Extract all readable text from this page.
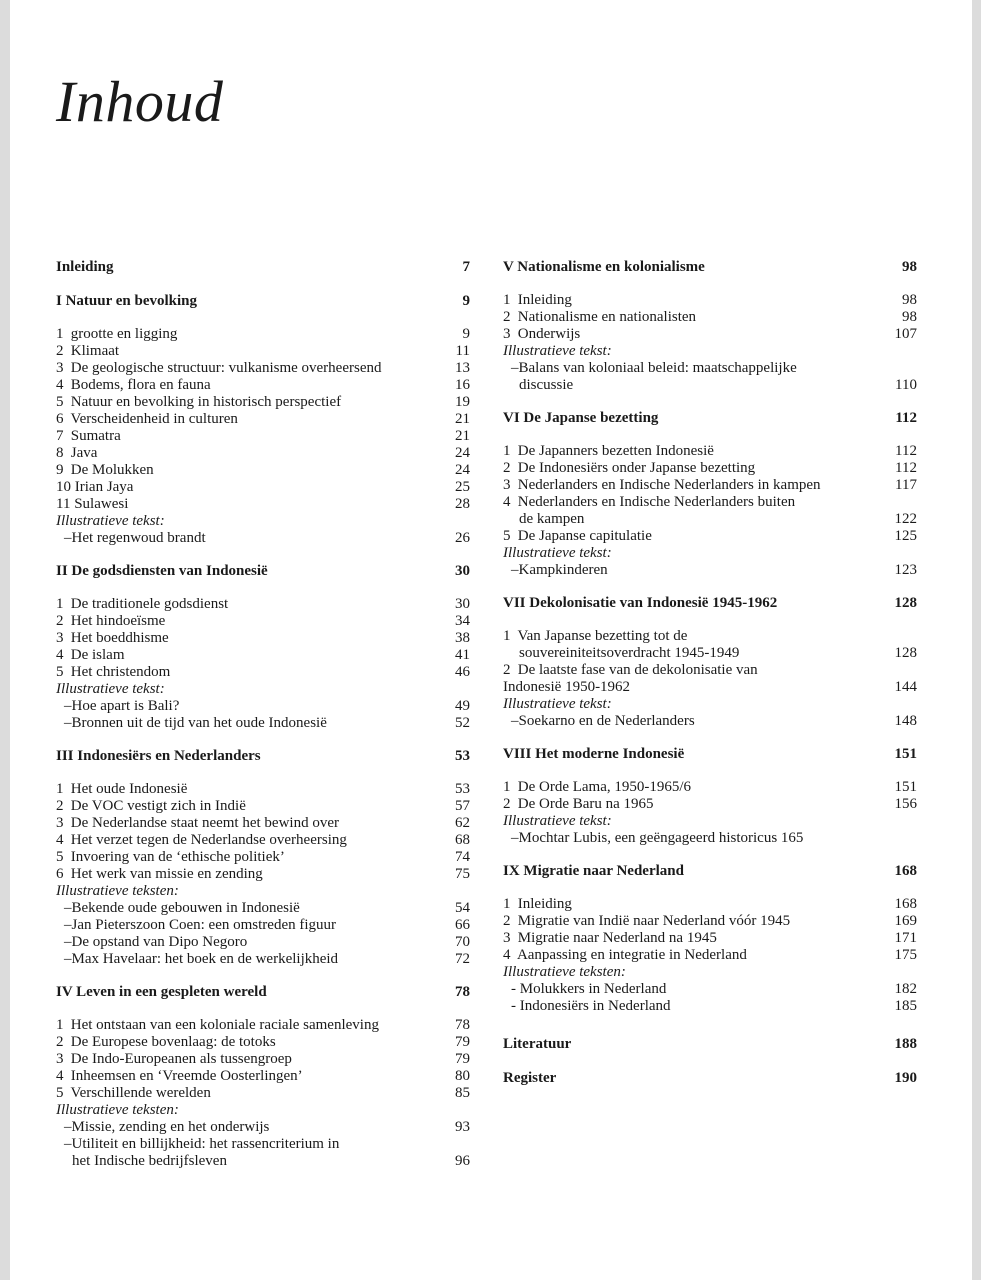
Inhoud
Inleiding	7
I Natuur en bevolking	9
1 grootte en ligging	9
2 Klimaat	11
3 De geologische structuur: vulkanisme overheersend	13
4 Bodems, flora en fauna	16
5 Natuur en bevolking in historisch perspectief	19
6 Verscheidenheid in culturen	21
7 Sumatra	21
8 Java	24
9 De Molukken	24
10 Irian Jaya	25
11 Sulawesi	28
Illustratieve tekst:
–Het regenwoud brandt	26
II De godsdiensten van Indonesië	30
1 De traditionele godsdienst	30
2 Het hindoeïsme	34
3 Het boeddhisme	38
4 De islam	41
5 Het christendom	46
Illustratieve tekst:
–Hoe apart is Bali?	49
–Bronnen uit de tijd van het oude Indonesië	52
III Indonesiërs en Nederlanders	53
1 Het oude Indonesië	53
2 De VOC vestigt zich in Indië	57
3 De Nederlandse staat neemt het bewind over	62
4 Het verzet tegen de Nederlandse overheersing	68
5 Invoering van de ‘ethische politiek’	74
6 Het werk van missie en zending	75
Illustratieve teksten:
–Bekende oude gebouwen in Indonesië	54
–Jan Pieterszoon Coen: een omstreden figuur	66
–De opstand van Dipo Negoro	70
–Max Havelaar: het boek en de werkelijkheid	72
IV Leven in een gespleten wereld	78
1 Het ontstaan van een koloniale raciale samenleving	78
2 De Europese bovenlaag: de totoks	79
3 De Indo-Europeanen als tussengroep	79
4 Inheemsen en ‘Vreemde Oosterlingen’	80
5 Verschillende werelden	85
Illustratieve teksten:
–Missie, zending en het onderwijs	93
–Utiliteit en billijkheid: het rassencriterium in
het Indische bedrijfsleven	96
V Nationalisme en kolonialisme	98
1 Inleiding	98
2 Nationalisme en nationalisten	98
3 Onderwijs	107
Illustratieve tekst:
–Balans van koloniaal beleid: maatschappelijke
discussie	110
VI De Japanse bezetting	112
1 De Japanners bezetten Indonesië	112
2 De Indonesiërs onder Japanse bezetting	112
3 Nederlanders en Indische Nederlanders in kampen	117
4 Nederlanders en Indische Nederlanders buiten
de kampen	122
5 De Japanse capitulatie	125
Illustratieve tekst:
–Kampkinderen	123
VII Dekolonisatie van Indonesië 1945-1962	128
1 Van Japanse bezetting tot de
souvereiniteitsoverdracht 1945-1949	128
2 De laatste fase van de dekolonisatie van
Indonesië 1950-1962	144
Illustratieve tekst:
–Soekarno en de Nederlanders	148
VIII Het moderne Indonesië	151
1 De Orde Lama, 1950-1965/6	151
2 De Orde Baru na 1965	156
Illustratieve tekst:
–Mochtar Lubis, een geëngageerd historicus 165
IX Migratie naar Nederland	168
1 Inleiding	168
2 Migratie van Indië naar Nederland vóór 1945	169
3 Migratie naar Nederland na 1945	171
4 Aanpassing en integratie in Nederland	175
Illustratieve teksten:
- Molukkers in Nederland	182
- Indonesiërs in Nederland	185
Literatuur	188
Register	190
